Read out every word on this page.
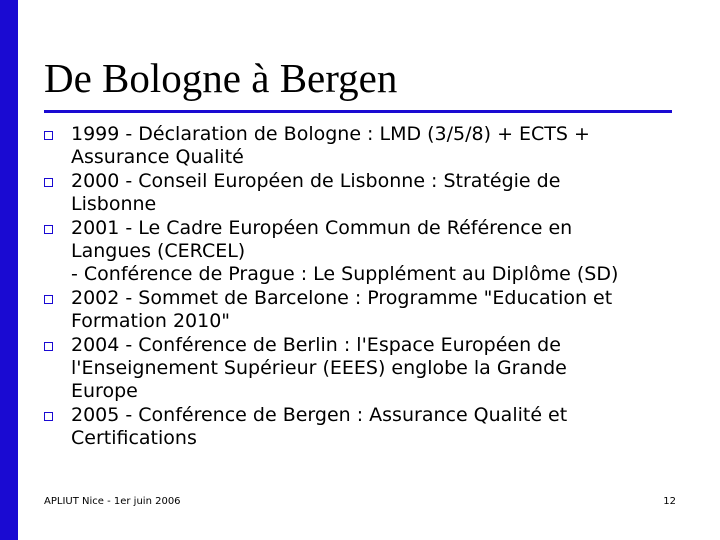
De Bologne à Bergen
1999 - Déclaration de Bologne : LMD (3/5/8) + ECTS +
Assurance Qualité
2000 - Conseil Européen de Lisbonne : Stratégie de
Lisbonne
2001 - Le Cadre Européen Commun de Référence en
Langues (CERCEL)
- Conférence de Prague : Le Supplément au Diplôme (SD)
2002 - Sommet de Barcelone : Programme "Education et
Formation 2010"
2004 - Conférence de Berlin : l'Espace Européen de
l'Enseignement Supérieur (EEES) englobe la Grande
Europe
2005 - Conférence de Bergen : Assurance Qualité et
Certifications
APLIUT Nice - 1er juin 2006	12
